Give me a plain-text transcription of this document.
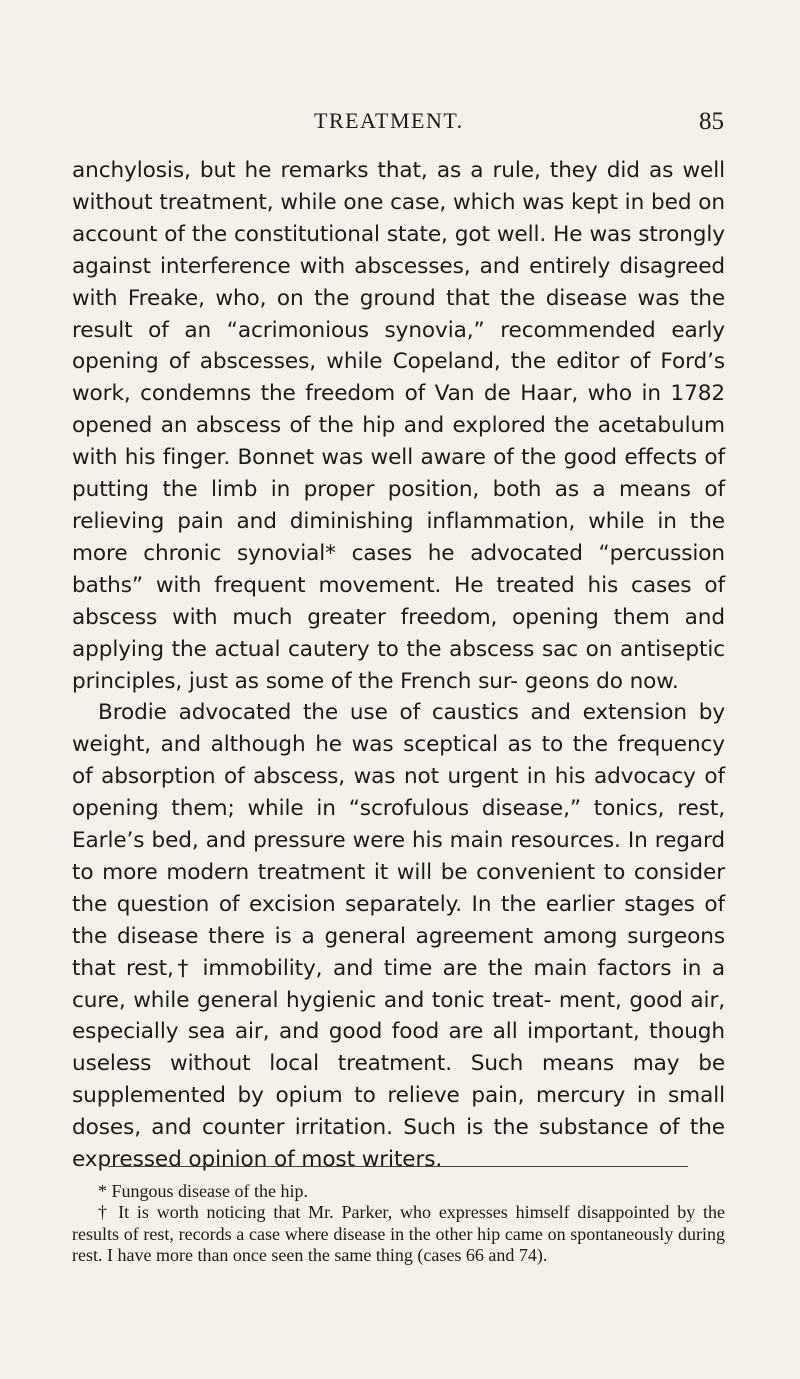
TREATMENT.	85

anchylosis, but he remarks that, as a rule, they did as well without treatment, while one case, which was kept in bed on account of the constitutional state, got well. He was strongly against interference with abscesses, and entirely disagreed with Freake, who, on the ground that the disease was the result of an “acrimonious synovia,” recommended early opening of abscesses, while Copeland, the editor of Ford’s work, condemns the freedom of Van de Haar, who in 1782 opened an abscess of the hip and explored the acetabulum with his finger. Bonnet was well aware of the good effects of putting the limb in proper position, both as a means of relieving pain and diminishing inflammation, while in the more chronic synovial* cases he advocated “percussion baths” with frequent movement. He treated his cases of abscess with much greater freedom, opening them and applying the actual cautery to the abscess sac on antiseptic principles, just as some of the French sur- geons do now.

Brodie advocated the use of caustics and extension by weight, and although he was sceptical as to the frequency of absorption of abscess, was not urgent in his advocacy of opening them; while in “scrofulous disease,” tonics, rest, Earle’s bed, and pressure were his main resources. In regard to more modern treatment it will be convenient to consider the question of excision separately. In the earlier stages of the disease there is a general agreement among surgeons that rest,† immobility, and time are the main factors in a cure, while general hygienic and tonic treat- ment, good air, especially sea air, and good food are all important, though useless without local treatment. Such means may be supplemented by opium to relieve pain, mercury in small doses, and counter irritation. Such is the substance of the expressed opinion of most writers.

* Fungous disease of the hip.

† It is worth noticing that Mr. Parker, who expresses himself disappointed by the results of rest, records a case where disease in the other hip came on spontaneously during rest. I have more than once seen the same thing (cases 66 and 74).
